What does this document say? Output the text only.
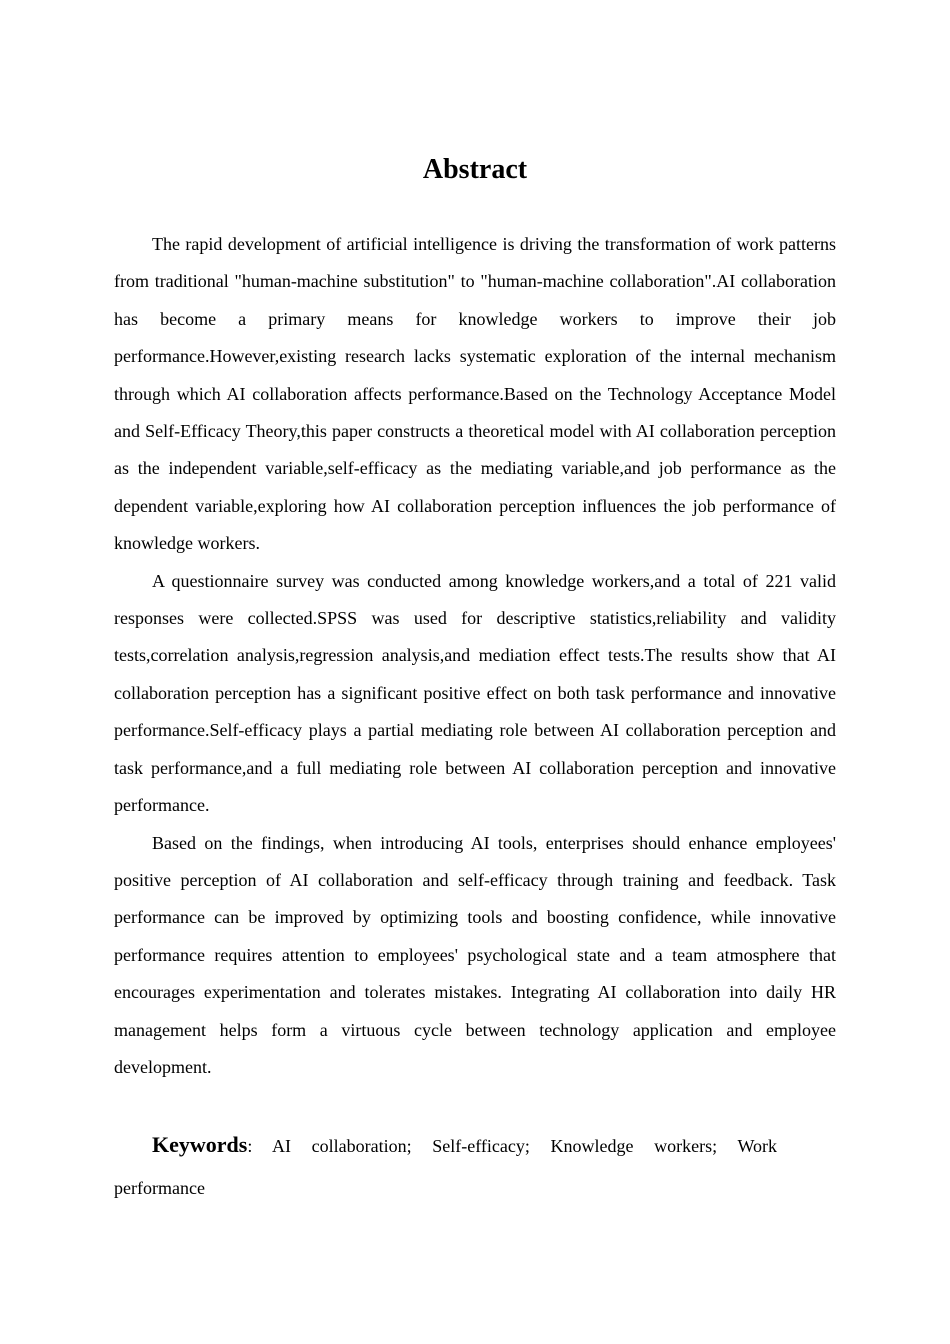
Abstract

The rapid development of artificial intelligence is driving the transformation of work patterns from traditional "human-machine substitution" to "human-machine collaboration".AI collaboration has become a primary means for knowledge workers to improve their job performance.However,existing research lacks systematic exploration of the internal mechanism through which AI collaboration affects performance.Based on the Technology Acceptance Model and Self-Efficacy Theory,this paper constructs a theoretical model with AI collaboration perception as the independent variable,self-efficacy as the mediating variable,and job performance as the dependent variable,exploring how AI collaboration perception influences the job performance of knowledge workers.

A questionnaire survey was conducted among knowledge workers,and a total of 221 valid responses were collected.SPSS was used for descriptive statistics,reliability and validity tests,correlation analysis,regression analysis,and mediation effect tests.The results show that AI collaboration perception has a significant positive effect on both task performance and innovative performance.Self-efficacy plays a partial mediating role between AI collaboration perception and task performance,and a full mediating role between AI collaboration perception and innovative performance.

Based on the findings, when introducing AI tools, enterprises should enhance employees' positive perception of AI collaboration and self-efficacy through training and feedback. Task performance can be improved by optimizing tools and boosting confidence, while innovative performance requires attention to employees' psychological state and a team atmosphere that encourages experimentation and tolerates mistakes. Integrating AI collaboration into daily HR management helps form a virtuous cycle between technology application and employee development.

Keywords: AI collaboration; Self-efficacy; Knowledge workers; Work performance
